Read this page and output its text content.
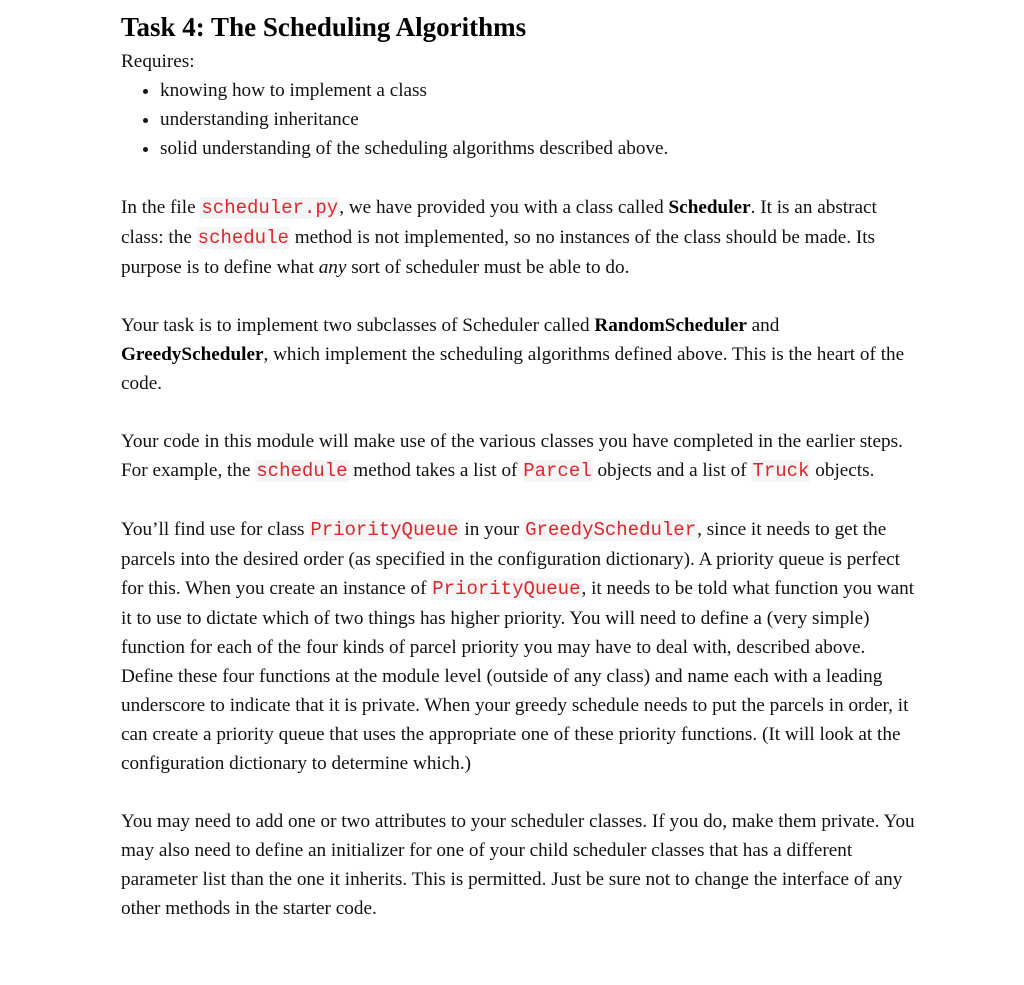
Task 4: The Scheduling Algorithms

Requires:

• knowing how to implement a class
• understanding inheritance
• solid understanding of the scheduling algorithms described above.

In the file scheduler.py, we have provided you with a class called Scheduler. It is an abstract class: the schedule method is not implemented, so no instances of the class should be made. Its purpose is to define what any sort of scheduler must be able to do.

Your task is to implement two subclasses of Scheduler called RandomScheduler and GreedyScheduler, which implement the scheduling algorithms defined above. This is the heart of the code.

Your code in this module will make use of the various classes you have completed in the earlier steps. For example, the schedule method takes a list of Parcel objects and a list of Truck objects.

You’ll find use for class PriorityQueue in your GreedyScheduler, since it needs to get the parcels into the desired order (as specified in the configuration dictionary). A priority queue is perfect for this. When you create an instance of PriorityQueue, it needs to be told what function you want it to use to dictate which of two things has higher priority. You will need to define a (very simple) function for each of the four kinds of parcel priority you may have to deal with, described above. Define these four functions at the module level (outside of any class) and name each with a leading underscore to indicate that it is private. When your greedy schedule needs to put the parcels in order, it can create a priority queue that uses the appropriate one of these priority functions. (It will look at the configuration dictionary to determine which.)

You may need to add one or two attributes to your scheduler classes. If you do, make them private. You may also need to define an initializer for one of your child scheduler classes that has a different parameter list than the one it inherits. This is permitted. Just be sure not to change the interface of any other methods in the starter code.
